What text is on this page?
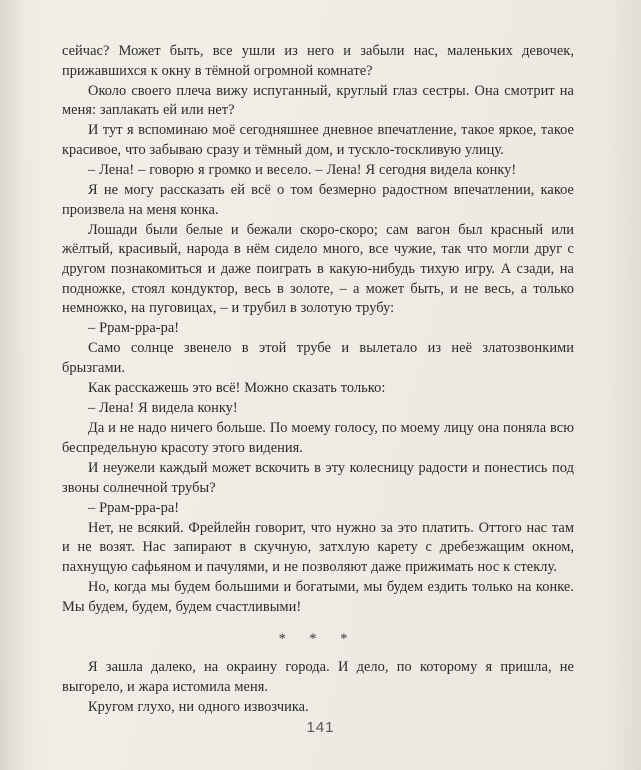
сейчас? Может быть, все ушли из него и забыли нас, маленьких девочек, прижавшихся к окну в тёмной огромной комнате?

Около своего плеча вижу испуганный, круглый глаз сестры. Она смотрит на меня: заплакать ей или нет?

И тут я вспоминаю моё сегодняшнее дневное впечатление, такое яркое, такое красивое, что забываю сразу и тёмный дом, и тускло-тоскливую улицу.

– Лена! – говорю я громко и весело. – Лена! Я сегодня видела конку!

Я не могу рассказать ей всё о том безмерно радостном впечатлении, какое произвела на меня конка.

Лошади были белые и бежали скоро-скоро; сам вагон был красный или жёлтый, красивый, народа в нём сидело много, все чужие, так что могли друг с другом познакомиться и даже поиграть в какую-нибудь тихую игру. А сзади, на подножке, стоял кондуктор, весь в золоте, – а может быть, и не весь, а только немножко, на пуговицах, – и трубил в золотую трубу:

– Ррам-рра-ра!

Само солнце звенело в этой трубе и вылетало из неё златозвонкими брызгами.

Как расскажешь это всё! Можно сказать только:

– Лена! Я видела конку!

Да и не надо ничего больше. По моему голосу, по моему лицу она поняла всю беспредельную красоту этого видения.

И неужели каждый может вскочить в эту колесницу радости и понестись под звоны солнечной трубы?

– Ррам-рра-ра!

Нет, не всякий. Фрейлейн говорит, что нужно за это платить. Оттого нас там и не возят. Нас запирают в скучную, затхлую карету с дребезжащим окном, пахнущую сафьяном и пачулями, и не позволяют даже прижимать нос к стеклу.

Но, когда мы будем большими и богатыми, мы будем ездить только на конке. Мы будем, будем, будем счастливыми!

* * *

Я зашла далеко, на окраину города. И дело, по которому я пришла, не выгорело, и жара истомила меня.

Кругом глухо, ни одного извозчика.

141
